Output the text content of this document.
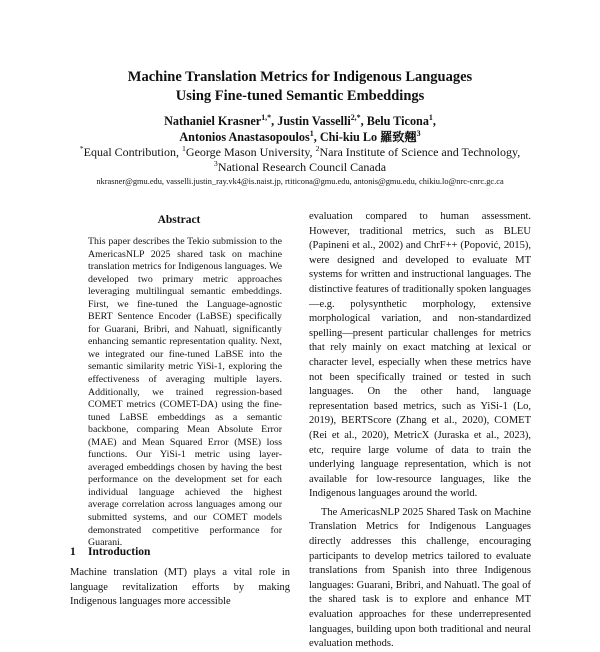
Machine Translation Metrics for Indigenous Languages
Using Fine-tuned Semantic Embeddings
Nathaniel Krasner$^{1,*}$, Justin Vasselli$^{2,*}$, Belu Ticona$^1$,
Antonios Anastasopoulos$^1$, Chi-kiu Lo 羅致翹$^3$
*Equal Contribution, $^1$George Mason University, $^2$Nara Institute of Science and Technology,
$^3$National Research Council Canada
nkrasner@gmu.edu, vasselli.justin_ray.vk4@is.naist.jp, rtiticona@gmu.edu, antonis@gmu.edu, chikiu.lo@nrc-cnrc.gc.ca
Abstract
This paper describes the Tekio submission to the AmericasNLP 2025 shared task on machine translation metrics for Indigenous languages. We developed two primary metric approaches leveraging multilingual semantic embeddings. First, we fine-tuned the Language-agnostic BERT Sentence Encoder (LaBSE) specifically for Guarani, Bribri, and Nahuatl, significantly enhancing semantic representation quality. Next, we integrated our fine-tuned LaBSE into the semantic similarity metric YiSi-1, exploring the effectiveness of averaging multiple layers. Additionally, we trained regression-based COMET metrics (COMET-DA) using the fine-tuned LaBSE embeddings as a semantic backbone, comparing Mean Absolute Error (MAE) and Mean Squared Error (MSE) loss functions. Our YiSi-1 metric using layer-averaged embeddings chosen by having the best performance on the development set for each individual language achieved the highest average correlation across languages among our submitted systems, and our COMET models demonstrated competitive performance for Guarani.
1 Introduction
Machine translation (MT) plays a vital role in language revitalization efforts by making Indigenous languages more accessible

evaluation compared to human assessment. However, traditional metrics, such as BLEU (Papineni et al., 2002) and ChrF++ (Popović, 2015), were designed and developed to evaluate MT systems for written and instructional languages. The distinctive features of traditionally spoken languages—e.g. polysynthetic morphology, extensive morphological variation, and non-standardized spelling—present particular challenges for metrics that rely mainly on exact matching at lexical or character level, especially when these metrics have not been specifically trained or tested in such languages. On the other hand, language representation based metrics, such as YiSi-1 (Lo, 2019), BERTScore (Zhang et al., 2020), COMET (Rei et al., 2020), MetricX (Juraska et al., 2023), etc, require large volume of data to train the underlying language representation, which is not available for low-resource languages, like the Indigenous languages around the world.

The AmericasNLP 2025 Shared Task on Machine Translation Metrics for Indigenous Languages directly addresses this challenge, encouraging participants to develop metrics tailored to evaluate translations from Spanish into three Indigenous languages: Guarani, Bribri, and Nahuatl. The goal of the shared task is to explore and enhance MT evaluation approaches for these underrepresented languages, building upon both traditional and neural evaluation methods.
